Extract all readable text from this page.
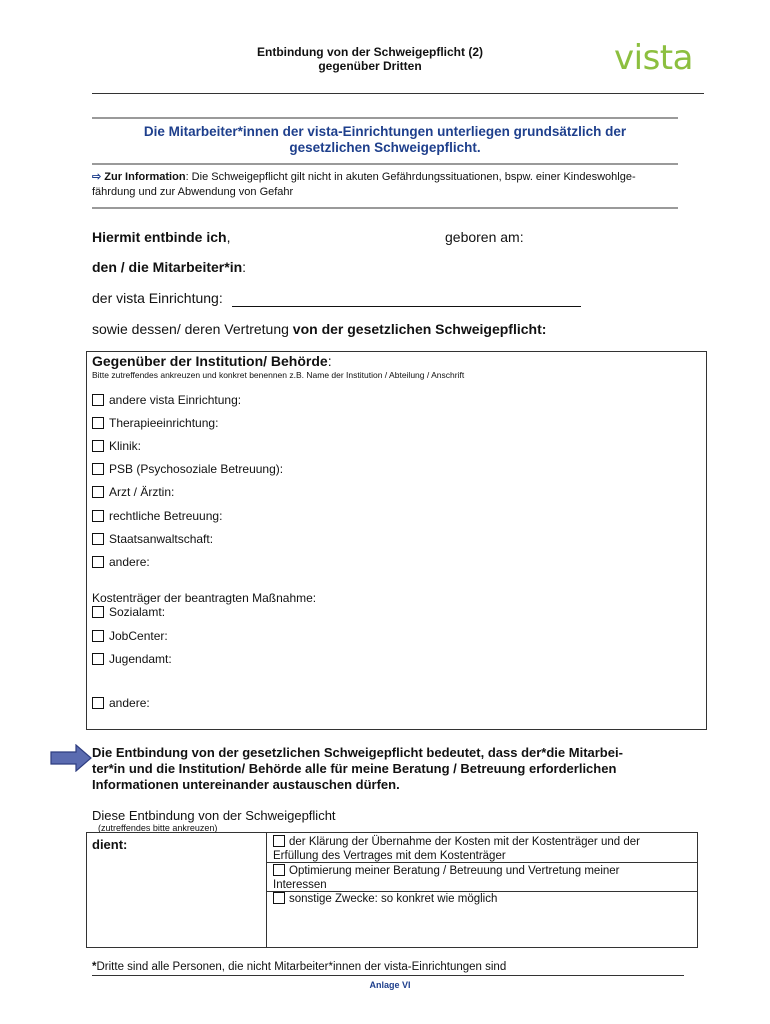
Entbindung von der Schweigepflicht (2)
gegenüber Dritten	vista
Die Mitarbeiter*innen der vista-Einrichtungen unterliegen grundsätzlich der
gesetzlichen Schweigepflicht.
⇨ Zur Information: Die Schweigepflicht gilt nicht in akuten Gefährdungssituationen, bspw. einer Kindeswohlge-
fährdung und zur Abwendung von Gefahr
Hiermit entbinde ich,	geboren am:
den / die Mitarbeiter*in:
der vista Einrichtung:
sowie dessen/ deren Vertretung von der gesetzlichen Schweigepflicht:
Gegenüber der Institution/ Behörde:
Bitte zutreffendes ankreuzen und konkret benennen z.B. Name der Institution / Abteilung / Anschrift
andere vista Einrichtung:
Therapieeinrichtung:
Klinik:
PSB (Psychosoziale Betreuung):
Arzt / Ärztin:
rechtliche Betreuung:
Staatsanwaltschaft:
andere:
Kostenträger der beantragten Maßnahme:
Sozialamt:
JobCenter:
Jugendamt:
andere:
Die Entbindung von der gesetzlichen Schweigepflicht bedeutet, dass der*die Mitarbei-
ter*in und die Institution/ Behörde alle für meine Beratung / Betreuung erforderlichen
Informationen untereinander austauschen dürfen.
Diese Entbindung von der Schweigepflicht
(zutreffendes bitte ankreuzen)
dient:	der Klärung der Übernahme der Kosten mit der Kostenträger und der
Erfüllung des Vertrages mit dem Kostenträger
Optimierung meiner Beratung / Betreuung und Vertretung meiner
Interessen
sonstige Zwecke: so konkret wie möglich
*Dritte sind alle Personen, die nicht Mitarbeiter*innen der vista-Einrichtungen sind
Anlage VI
